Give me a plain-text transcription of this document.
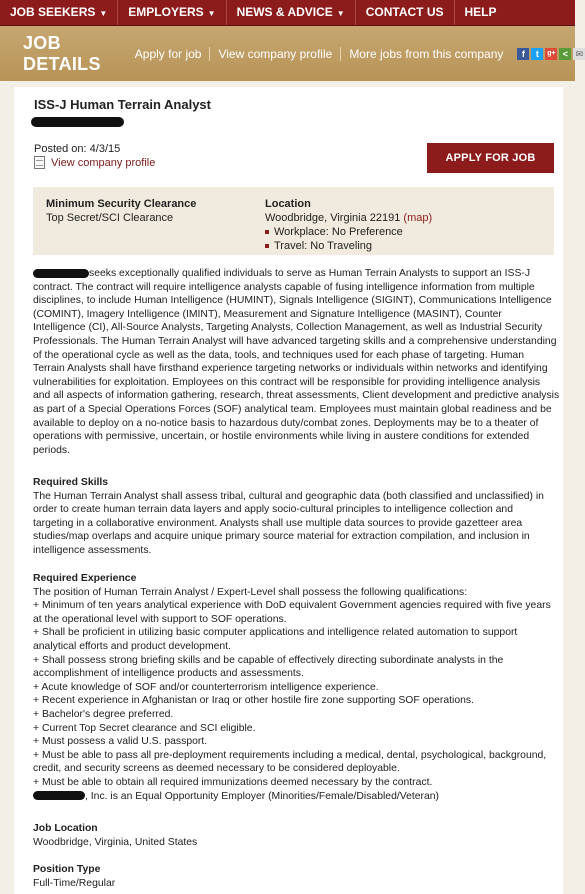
JOB SEEKERS ▼	EMPLOYERS ▼	NEWS & ADVICE ▼	CONTACT US	HELP
JOB DETAILS	Apply for job	View company profile	More jobs from this company	f	t	g+ < ✉
ISS-J Human Terrain Analyst
Posted on: 4/3/15
View company profile	APPLY FOR JOB
Minimum Security Clearance
Top Secret/SCI Clearance
Location
Woodbridge, Virginia 22191 (map)
Workplace: No Preference
Travel: No Traveling
seeks exceptionally qualified individuals to serve as Human Terrain Analysts to support an ISS-J
contract. The contract will require intelligence analysts capable of fusing intelligence information from multiple
disciplines, to include Human Intelligence (HUMINT), Signals Intelligence (SIGINT), Communications Intelligence
(COMINT), Imagery Intelligence (IMINT), Measurement and Signature Intelligence (MASINT), Counter
Intelligence (CI), All-Source Analysts, Targeting Analysts, Collection Management, as well as Industrial Security
Professionals. The Human Terrain Analyst will have advanced targeting skills and a comprehensive understanding
of the operational cycle as well as the data, tools, and techniques used for each phase of targeting. Human
Terrain Analysts shall have firsthand experience targeting networks or individuals within networks and identifying
vulnerabilities for exploitation. Employees on this contract will be responsible for providing intelligence analysis
and all aspects of information gathering, research, threat assessments, Client development and predictive analysis
as part of a Special Operations Forces (SOF) analytical team. Employees must maintain global readiness and be
available to deploy on a no-notice basis to hazardous duty/combat zones. Deployments may be to a theater of
operations with permissive, uncertain, or hostile environments while living in austere conditions for extended
periods.
Required Skills
The Human Terrain Analyst shall assess tribal, cultural and geographic data (both classified and unclassified) in
order to create human terrain data layers and apply socio-cultural principles to intelligence collection and
targeting in a collaborative environment. Analysts shall use multiple data sources to provide gazetteer area
studies/map overlaps and acquire unique primary source material for extraction compilation, and inclusion in
intelligence assessments.
Required Experience
The position of Human Terrain Analyst / Expert-Level shall possess the following qualifications:
+ Minimum of ten years analytical experience with DoD equivalent Government agencies required with five years
at the operational level with support to SOF operations.
+ Shall be proficient in utilizing basic computer applications and intelligence related automation to support
analytical efforts and product development.
+ Shall possess strong briefing skills and be capable of effectively directing subordinate analysts in the
accomplishment of intelligence products and assessments.
+ Acute knowledge of SOF and/or counterterrorism intelligence experience.
+ Recent experience in Afghanistan or Iraq or other hostile fire zone supporting SOF operations.
+ Bachelor's degree preferred.
+ Current Top Secret clearance and SCI eligible.
+ Must possess a valid U.S. passport.
+ Must be able to pass all pre-deployment requirements including a medical, dental, psychological, background,
credit, and security screens as deemed necessary to be considered deployable.
+ Must be able to obtain all required immunizations deemed necessary by the contract.
, Inc. is an Equal Opportunity Employer (Minorities/Female/Disabled/Veteran)
Job Location
Woodbridge, Virginia, United States
Position Type
Full-Time/Regular
